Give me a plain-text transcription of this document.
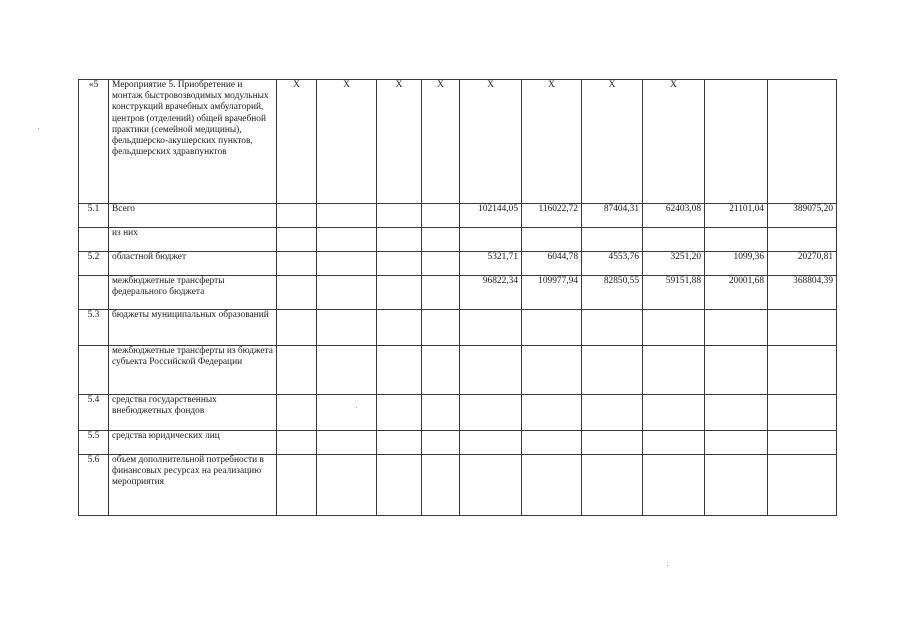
«5	Мероприятие 5. Приобретение и монтаж быстровозводимых модульных конструкций врачебных амбулаторий, центров (отделений) общей врачебной практики (семейной медицины), фельдшерско-акушерских пунктов, фельдшерских здравпунктов	X	X	X	X	X	X	X	X		
5.1	Всего					102144,05	116022,72	87404,31	62403,08	21101,04	389075,20
	из них										
5.2	областной бюджет					5321,71	6044,78	4553,76	3251,20	1099,36	20270,81
	межбюджетные трансферты федерального бюджета					96822,34	109977,94	82850,55	59151,88	20001,68	368804,39
5.3	бюджеты муниципальных образований										
	межбюджетные трансферты из бюджета субъекта Российской Федерации										
5.4	средства государственных внебюджетных фондов										
5.5	средства юридических лиц										
5.6	объем дополнительной потребности в финансовых ресурсах на реализацию мероприятия										
